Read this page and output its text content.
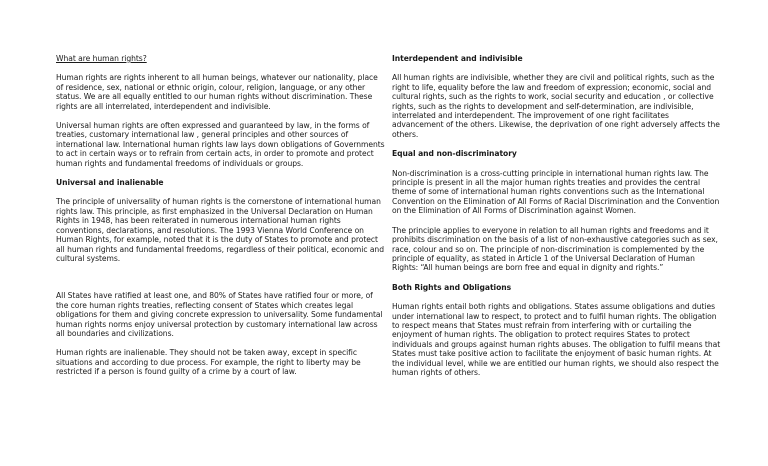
What are human rights?

Human rights are rights inherent to all human beings, whatever our nationality, place of residence, sex, national or ethnic origin, colour, religion, language, or any other status. We are all equally entitled to our human rights without discrimination. These rights are all interrelated, interdependent and indivisible.

Universal human rights are often expressed and guaranteed by law, in the forms of treaties, customary international law , general principles and other sources of international law. International human rights law lays down obligations of Governments to act in certain ways or to refrain from certain acts, in order to promote and protect human rights and fundamental freedoms of individuals or groups.

Universal and inalienable

The principle of universality of human rights is the cornerstone of international human rights law. This principle, as first emphasized in the Universal Declaration on Human Rights in 1948, has been reiterated in numerous international human rights conventions, declarations, and resolutions. The 1993 Vienna World Conference on Human Rights, for example, noted that it is the duty of States to promote and protect all human rights and fundamental freedoms, regardless of their political, economic and cultural systems.

All States have ratified at least one, and 80% of States have ratified four or more, of the core human rights treaties, reflecting consent of States which creates legal obligations for them and giving concrete expression to universality. Some fundamental human rights norms enjoy universal protection by customary international law across all boundaries and civilizations.

Human rights are inalienable. They should not be taken away, except in specific situations and according to due process. For example, the right to liberty may be restricted if a person is found guilty of a crime by a court of law.

Interdependent and indivisible

All human rights are indivisible, whether they are civil and political rights, such as the right to life, equality before the law and freedom of expression; economic, social and cultural rights, such as the rights to work, social security and education , or collective rights, such as the rights to development and self-determination, are indivisible, interrelated and interdependent. The improvement of one right facilitates advancement of the others. Likewise, the deprivation of one right adversely affects the others.

Equal and non-discriminatory

Non-discrimination is a cross-cutting principle in international human rights law. The principle is present in all the major human rights treaties and provides the central theme of some of international human rights conventions such as the International Convention on the Elimination of All Forms of Racial Discrimination and the Convention on the Elimination of All Forms of Discrimination against Women.

The principle applies to everyone in relation to all human rights and freedoms and it prohibits discrimination on the basis of a list of non-exhaustive categories such as sex, race, colour and so on. The principle of non-discrimination is complemented by the principle of equality, as stated in Article 1 of the Universal Declaration of Human Rights: “All human beings are born free and equal in dignity and rights.”

Both Rights and Obligations

Human rights entail both rights and obligations. States assume obligations and duties under international law to respect, to protect and to fulfil human rights. The obligation to respect means that States must refrain from interfering with or curtailing the enjoyment of human rights. The obligation to protect requires States to protect individuals and groups against human rights abuses. The obligation to fulfil means that States must take positive action to facilitate the enjoyment of basic human rights. At the individual level, while we are entitled our human rights, we should also respect the human rights of others.
